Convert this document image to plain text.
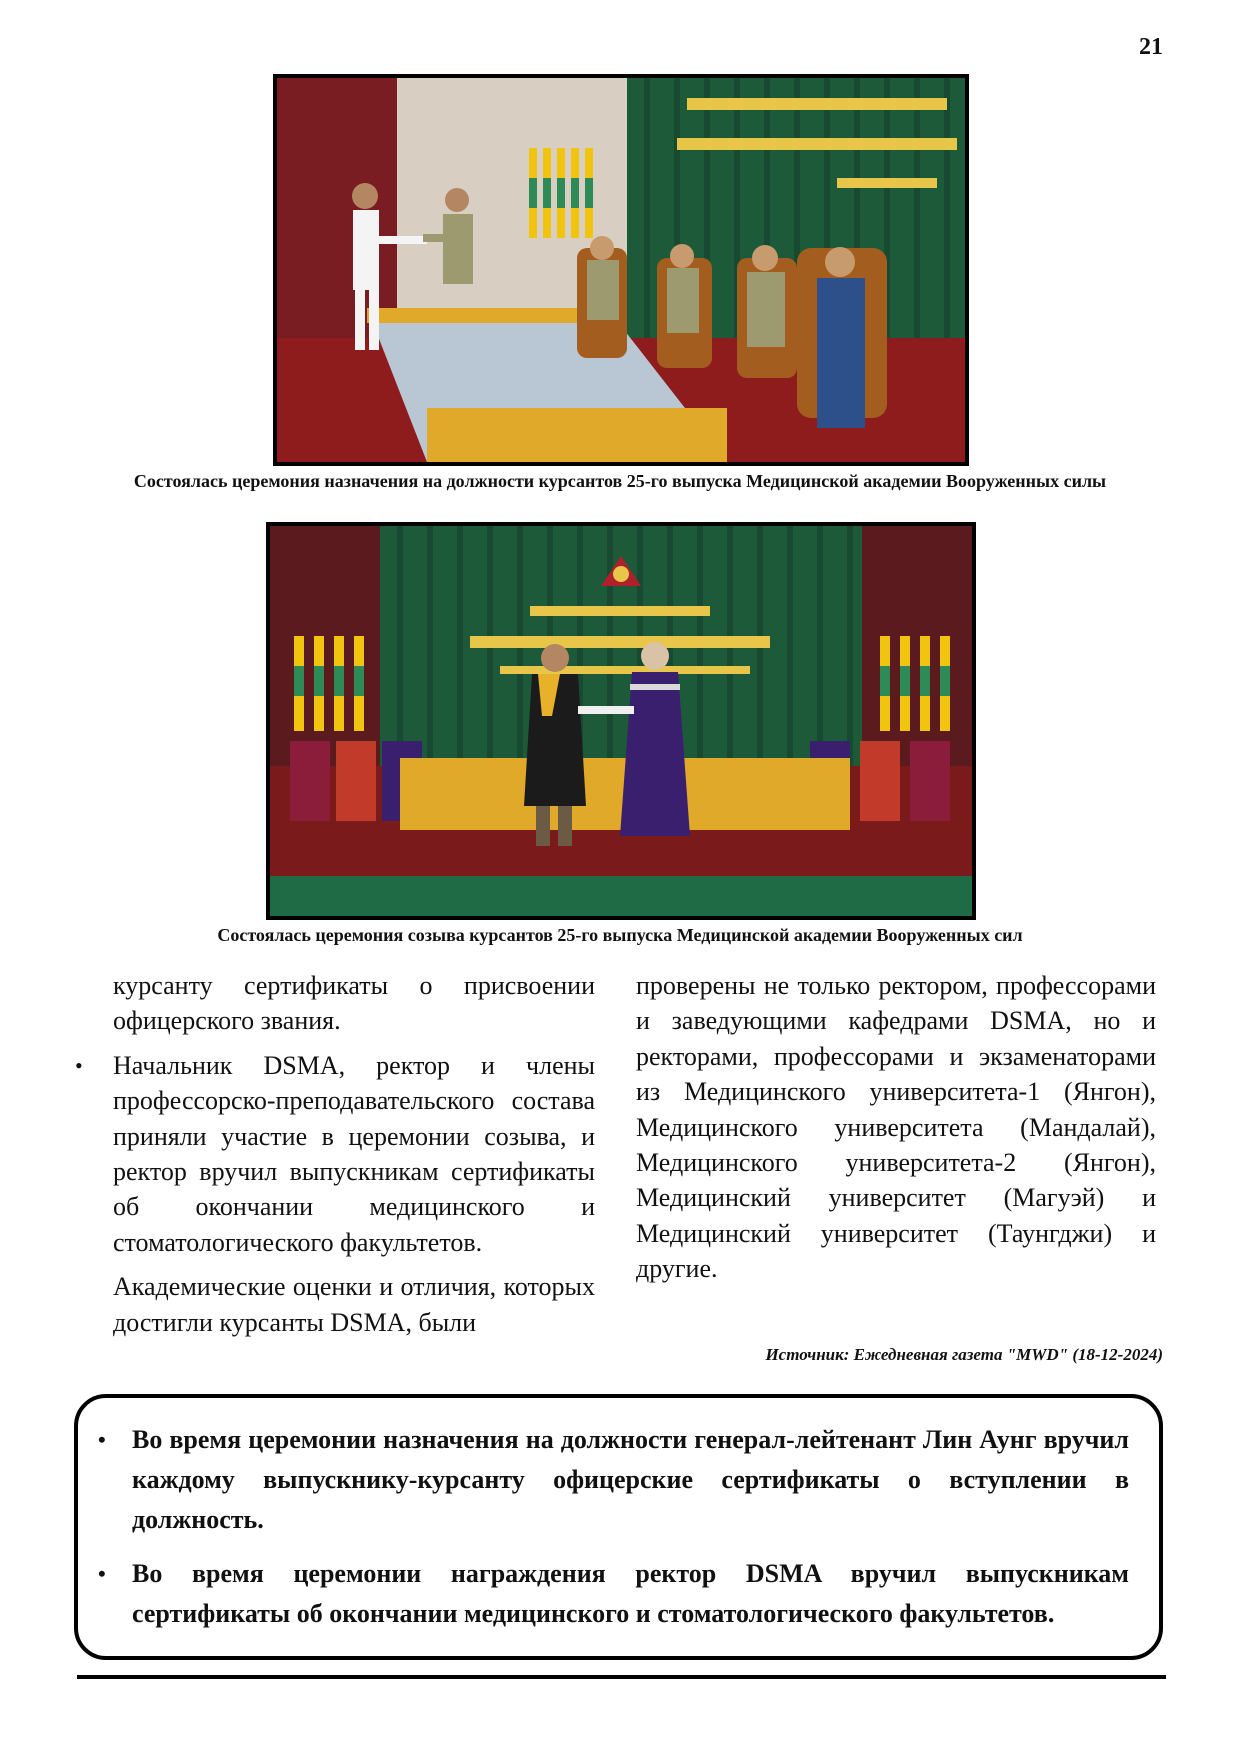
21
Состоялась церемония назначения на должности курсантов 25-го выпуска Медицинской академии Вооруженных силы
Состоялась церемония созыва курсантов 25-го выпуска Медицинской академии Вооруженных сил

курсанту сертификаты о присвоении офицерского звания.

• Начальник DSMA, ректор и члены профессорско-преподавательского состава приняли участие в церемонии созыва, и ректор вручил выпускникам сертификаты об окончании медицинского и стоматологического факультетов.

Академические оценки и отличия, которых достигли курсанты DSMA, были

проверены не только ректором, профессорами и заведующими кафедрами DSMA, но и ректорами, профессорами и экзаменаторами из Медицинского университета-1 (Янгон), Медицинского университета (Мандалай), Медицинского университета-2 (Янгон), Медицинский университет (Магуэй) и Медицинский университет (Таунгджи) и другие.

Источник: Ежедневная газета "MWD" (18-12-2024)
• Во время церемонии назначения на должности генерал-лейтенант Лин Аунг вручил каждому выпускнику-курсанту офицерские сертификаты о вступлении в должность.
• Во время церемонии награждения ректор DSMA вручил выпускникам сертификаты об окончании медицинского и стоматологического факультетов.
